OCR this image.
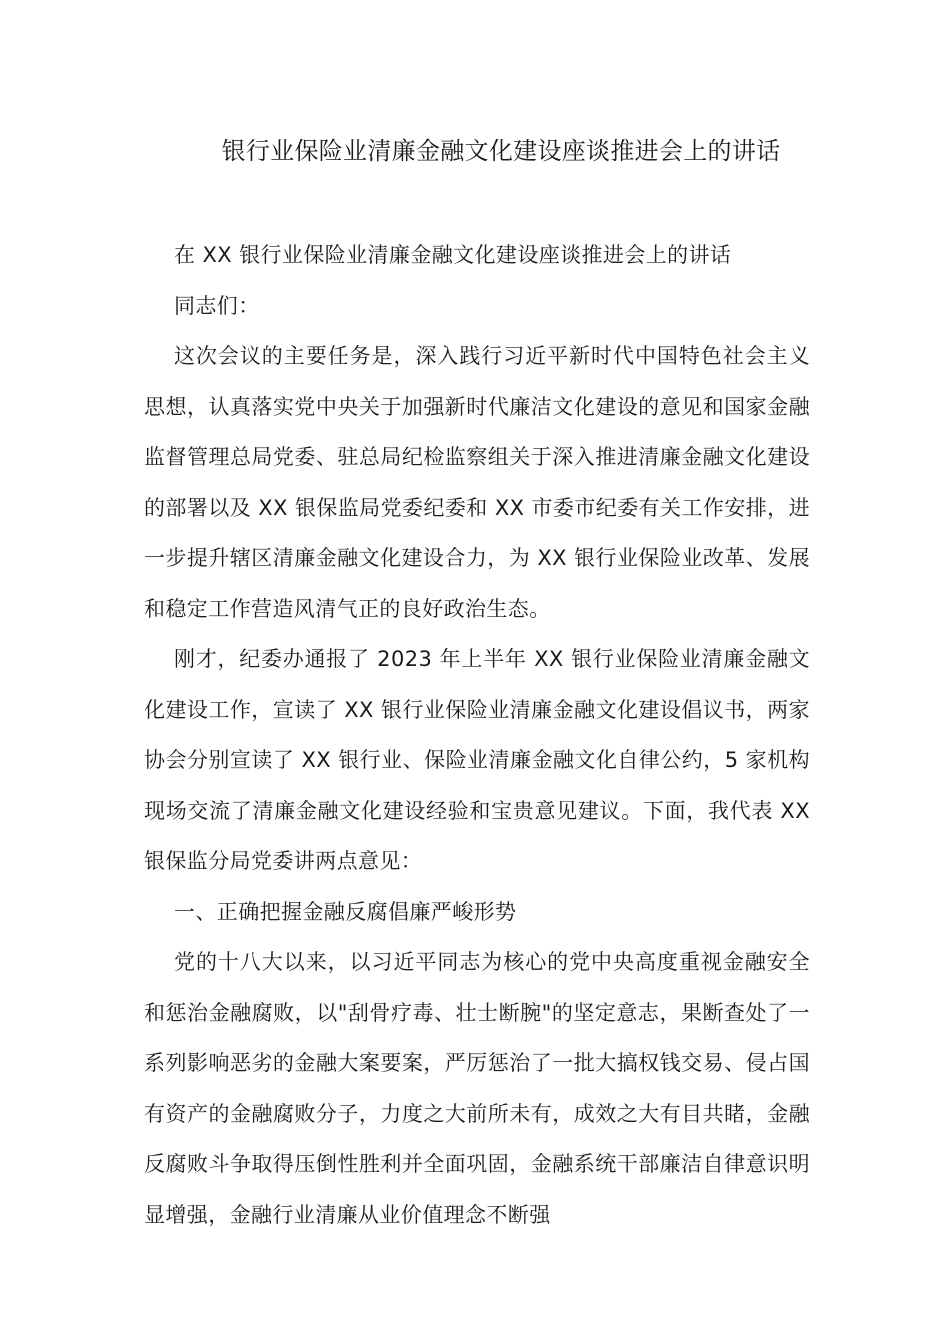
银行业保险业清廉金融文化建设座谈推进会上的讲话

在 XX 银行业保险业清廉金融文化建设座谈推进会上的讲话

同志们：

这次会议的主要任务是，深入践行习近平新时代中国特色社会主义思想，认真落实党中央关于加强新时代廉洁文化建设的意见和国家金融监督管理总局党委、驻总局纪检监察组关于深入推进清廉金融文化建设的部署以及 XX 银保监局党委纪委和 XX 市委市纪委有关工作安排，进一步提升辖区清廉金融文化建设合力，为 XX 银行业保险业改革、发展和稳定工作营造风清气正的良好政治生态。

刚才，纪委办通报了 2023 年上半年 XX 银行业保险业清廉金融文化建设工作，宣读了 XX 银行业保险业清廉金融文化建设倡议书，两家协会分别宣读了 XX 银行业、保险业清廉金融文化自律公约，5 家机构现场交流了清廉金融文化建设经验和宝贵意见建议。下面，我代表 XX 银保监分局党委讲两点意见：

一、正确把握金融反腐倡廉严峻形势

党的十八大以来，以习近平同志为核心的党中央高度重视金融安全和惩治金融腐败，以"刮骨疗毒、壮士断腕"的坚定意志，果断查处了一系列影响恶劣的金融大案要案，严厉惩治了一批大搞权钱交易、侵占国有资产的金融腐败分子，力度之大前所未有，成效之大有目共睹，金融反腐败斗争取得压倒性胜利并全面巩固，金融系统干部廉洁自律意识明显增强，金融行业清廉从业价值理念不断强
